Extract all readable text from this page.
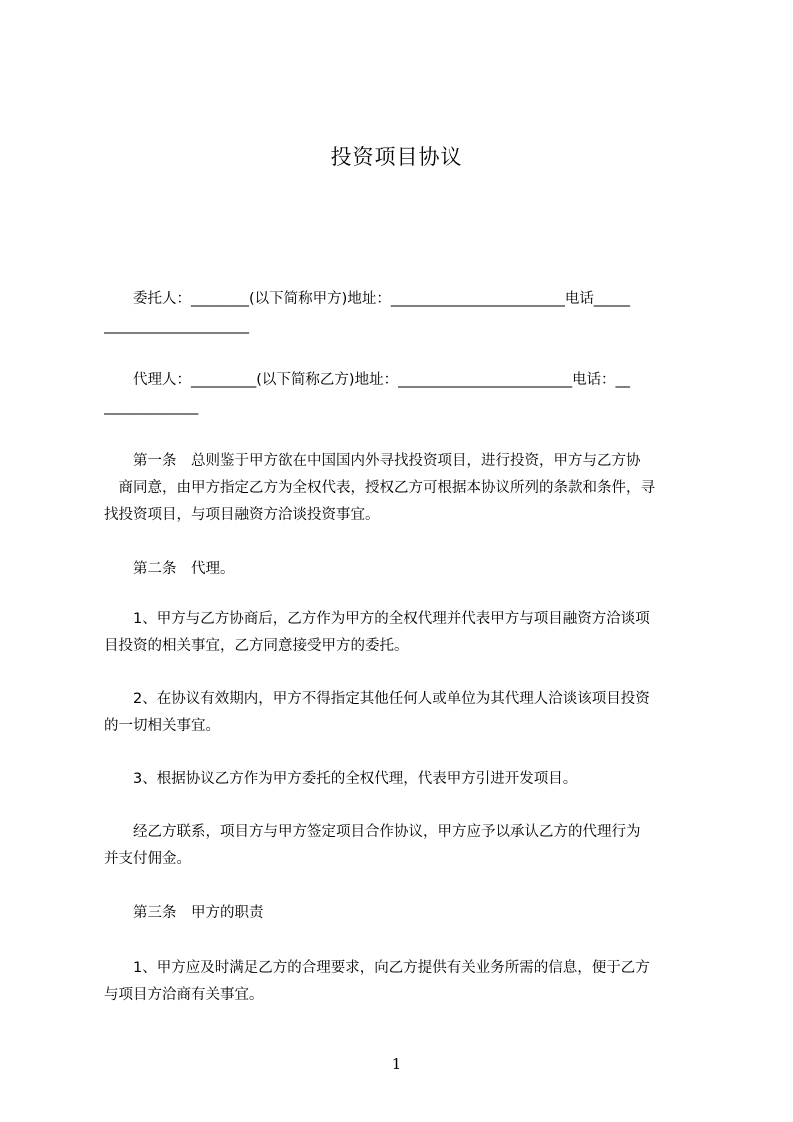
投资项目协议

　　委托人：________(以下简称甲方)地址：________________________电话_____
____________________

　　代理人：_________(以下简称乙方)地址：________________________电话：__
_____________

　　第一条　总则鉴于甲方欲在中国国内外寻找投资项目，进行投资，甲方与乙方协
　商同意，由甲方指定乙方为全权代表，授权乙方可根据本协议所列的条款和条件，寻
找投资项目，与项目融资方洽谈投资事宜。

　　第二条　代理。

　　1、甲方与乙方协商后，乙方作为甲方的全权代理并代表甲方与项目融资方洽谈项
目投资的相关事宜，乙方同意接受甲方的委托。

　　2、在协议有效期内，甲方不得指定其他任何人或单位为其代理人洽谈该项目投资
的一切相关事宜。

　　3、根据协议乙方作为甲方委托的全权代理，代表甲方引进开发项目。

　　经乙方联系，项目方与甲方签定项目合作协议，甲方应予以承认乙方的代理行为
并支付佣金。

　　第三条　甲方的职责

　　1、甲方应及时满足乙方的合理要求，向乙方提供有关业务所需的信息，便于乙方
与项目方洽商有关事宜。

1
